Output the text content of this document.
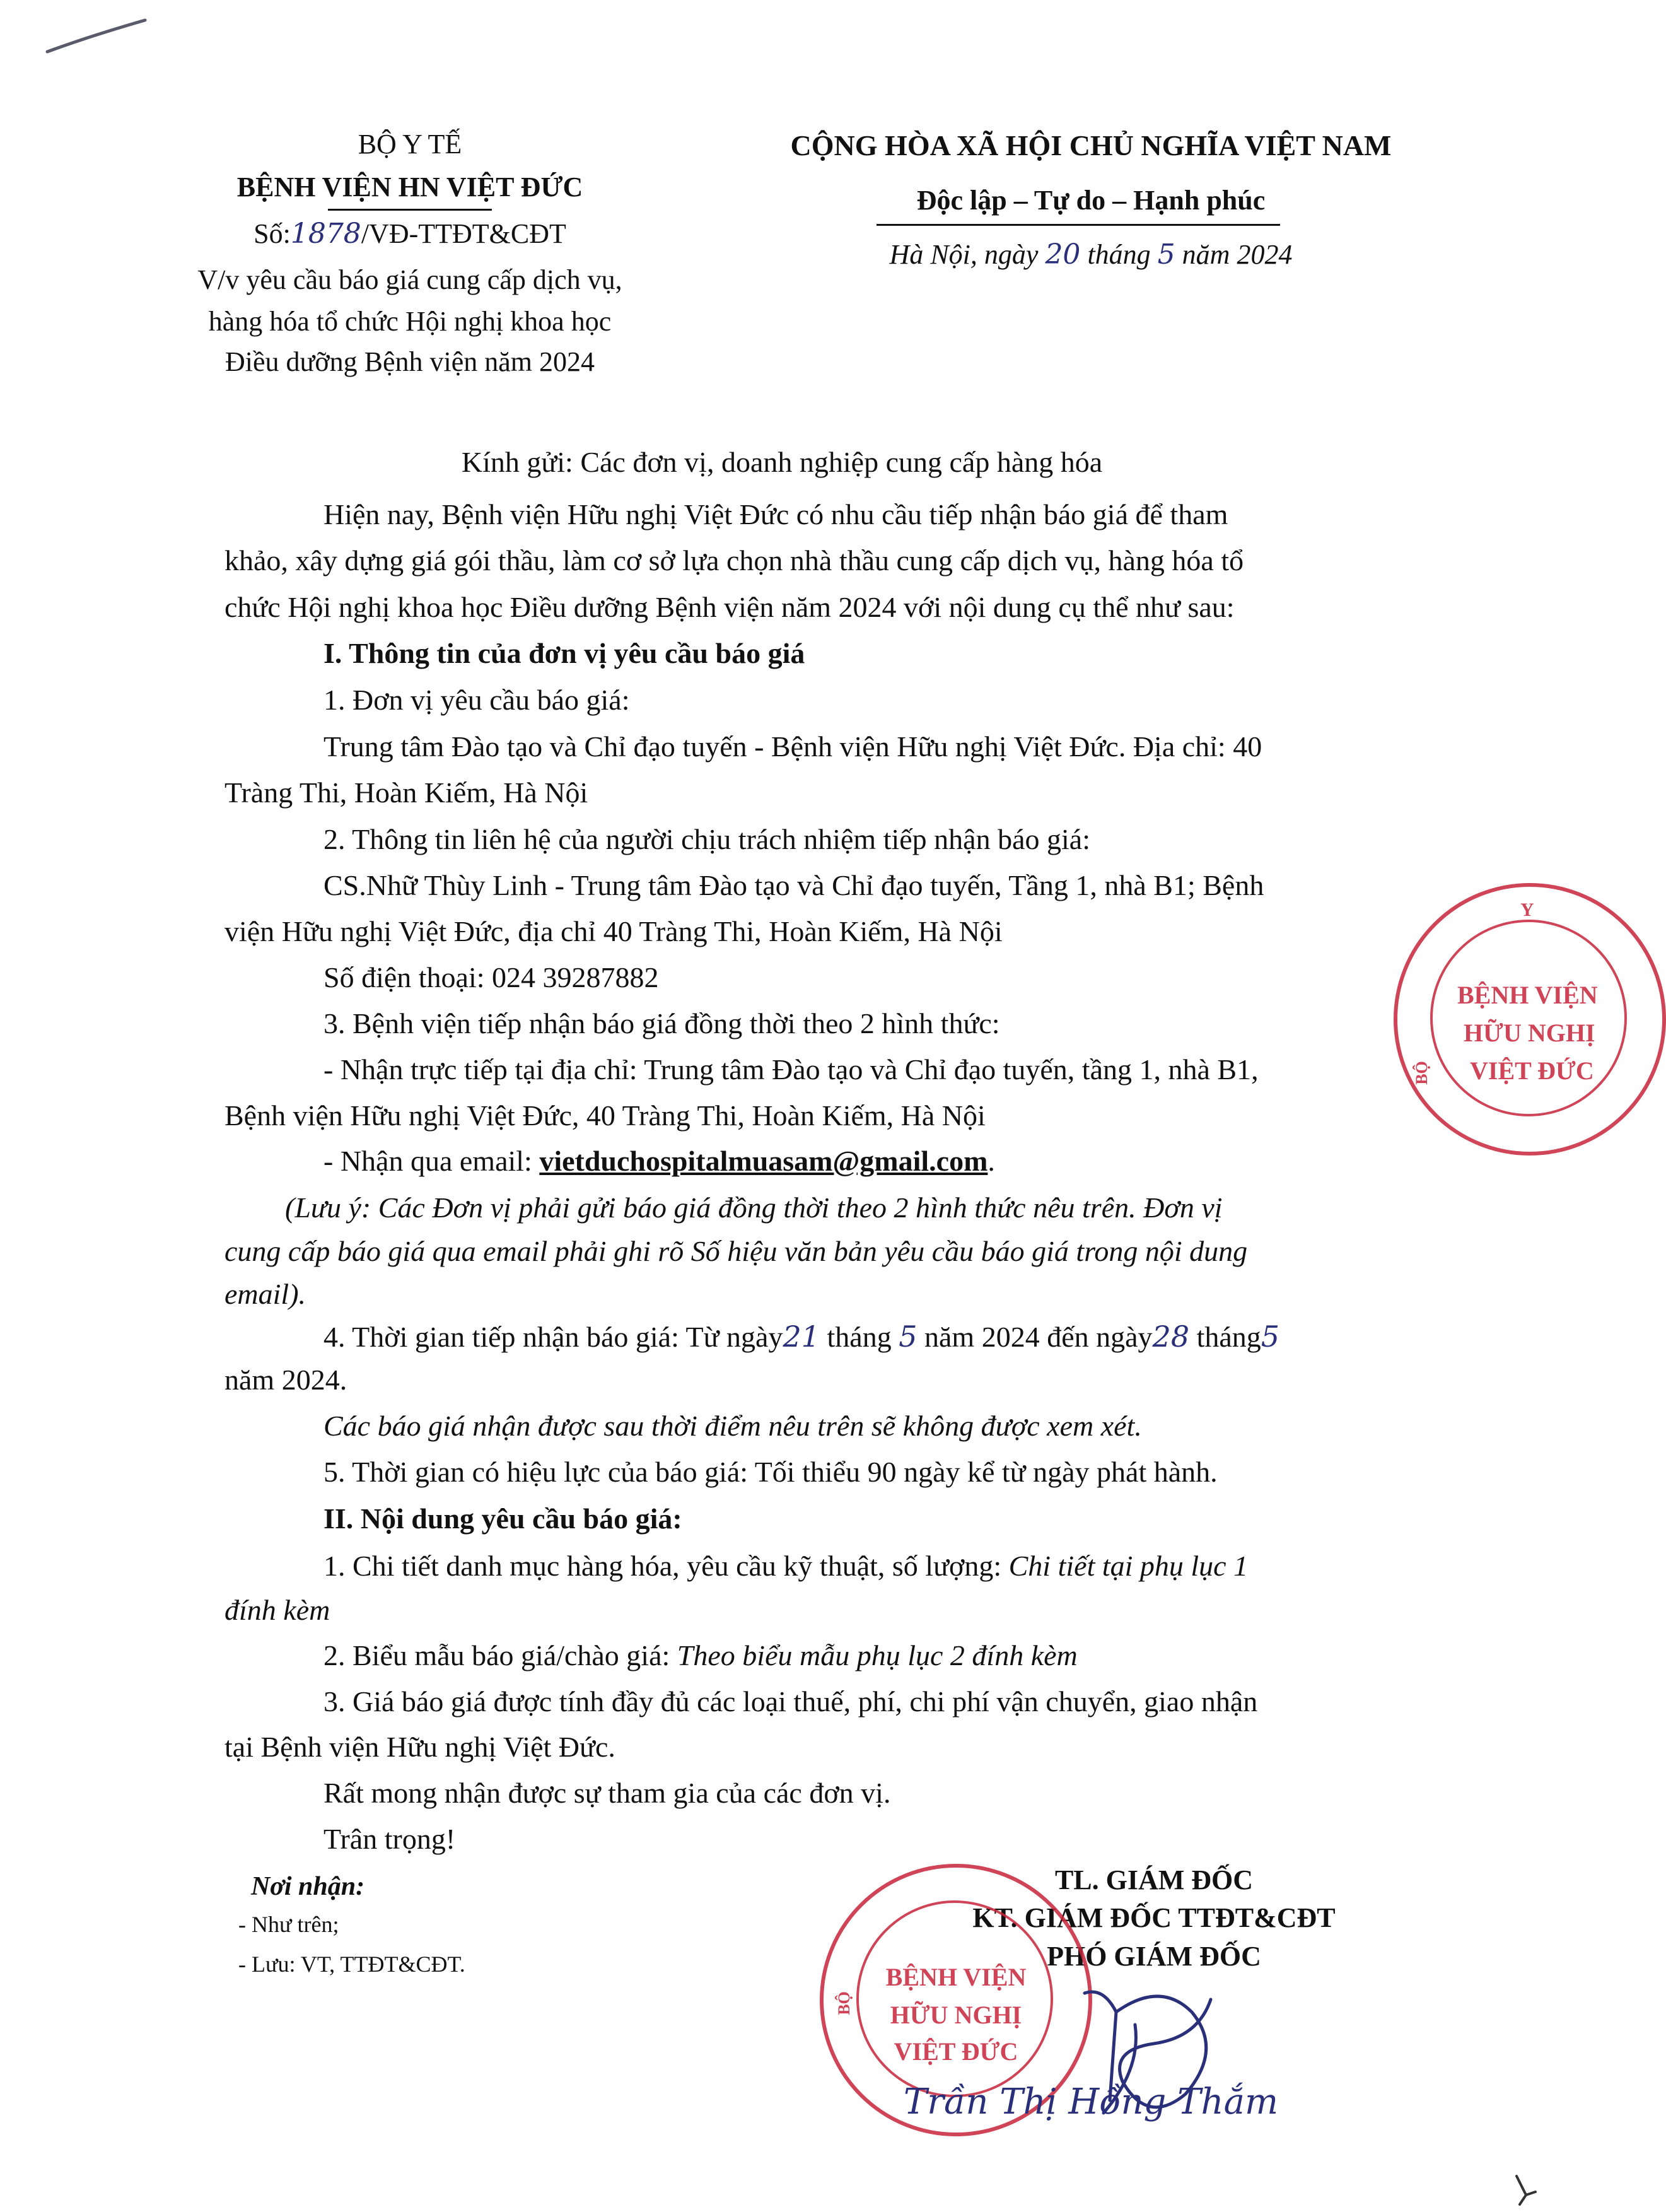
BỘ Y TẾ
BỆNH VIỆN HN VIỆT ĐỨC
Số:1878/VĐ-TTĐT&CĐT
V/v yêu cầu báo giá cung cấp dịch vụ,
hàng hóa tổ chức Hội nghị khoa học
Điều dưỡng Bệnh viện năm 2024
CỘNG HÒA XÃ HỘI CHỦ NGHĨA VIỆT NAM
Độc lập – Tự do – Hạnh phúc
Hà Nội, ngày 20 tháng 5 năm 2024
Kính gửi: Các đơn vị, doanh nghiệp cung cấp hàng hóa
Hiện nay, Bệnh viện Hữu nghị Việt Đức có nhu cầu tiếp nhận báo giá để tham
khảo, xây dựng giá gói thầu, làm cơ sở lựa chọn nhà thầu cung cấp dịch vụ, hàng hóa tổ
chức Hội nghị khoa học Điều dưỡng Bệnh viện năm 2024 với nội dung cụ thể như sau:
I. Thông tin của đơn vị yêu cầu báo giá
1. Đơn vị yêu cầu báo giá:
Trung tâm Đào tạo và Chỉ đạo tuyến - Bệnh viện Hữu nghị Việt Đức. Địa chỉ: 40
Tràng Thi, Hoàn Kiếm, Hà Nội
2. Thông tin liên hệ của người chịu trách nhiệm tiếp nhận báo giá:
CS.Nhữ Thùy Linh - Trung tâm Đào tạo và Chỉ đạo tuyến, Tầng 1, nhà B1; Bệnh
viện Hữu nghị Việt Đức, địa chỉ 40 Tràng Thi, Hoàn Kiếm, Hà Nội
Số điện thoại: 024 39287882
3. Bệnh viện tiếp nhận báo giá đồng thời theo 2 hình thức:
- Nhận trực tiếp tại địa chỉ: Trung tâm Đào tạo và Chỉ đạo tuyến, tầng 1, nhà B1,
Bệnh viện Hữu nghị Việt Đức, 40 Tràng Thi, Hoàn Kiếm, Hà Nội
- Nhận qua email: vietduchospitalmuasam@gmail.com.
(Lưu ý: Các Đơn vị phải gửi báo giá đồng thời theo 2 hình thức nêu trên. Đơn vị
cung cấp báo giá qua email phải ghi rõ Số hiệu văn bản yêu cầu báo giá trong nội dung
email).
4. Thời gian tiếp nhận báo giá: Từ ngày21 tháng 5 năm 2024 đến ngày28 tháng5
năm 2024.
Các báo giá nhận được sau thời điểm nêu trên sẽ không được xem xét.
5. Thời gian có hiệu lực của báo giá: Tối thiểu 90 ngày kể từ ngày phát hành.
II. Nội dung yêu cầu báo giá:
1. Chi tiết danh mục hàng hóa, yêu cầu kỹ thuật, số lượng: Chi tiết tại phụ lục 1
đính kèm
2. Biểu mẫu báo giá/chào giá: Theo biểu mẫu phụ lục 2 đính kèm
3. Giá báo giá được tính đầy đủ các loại thuế, phí, chi phí vận chuyển, giao nhận
tại Bệnh viện Hữu nghị Việt Đức.
Rất mong nhận được sự tham gia của các đơn vị.
Trân trọng!
Nơi nhận:
- Như trên;
- Lưu: VT, TTĐT&CĐT.
TL. GIÁM ĐỐC
KT. GIÁM ĐỐC TTĐT&CĐT
PHÓ GIÁM ĐỐC
BỆNH VIỆN
HỮU NGHỊ
VIỆT ĐỨC
BỘ
Trần Thị Hồng Thắm
Y
BỆNH VIỆN
HỮU NGHỊ
VIỆT ĐỨC
BỘ
